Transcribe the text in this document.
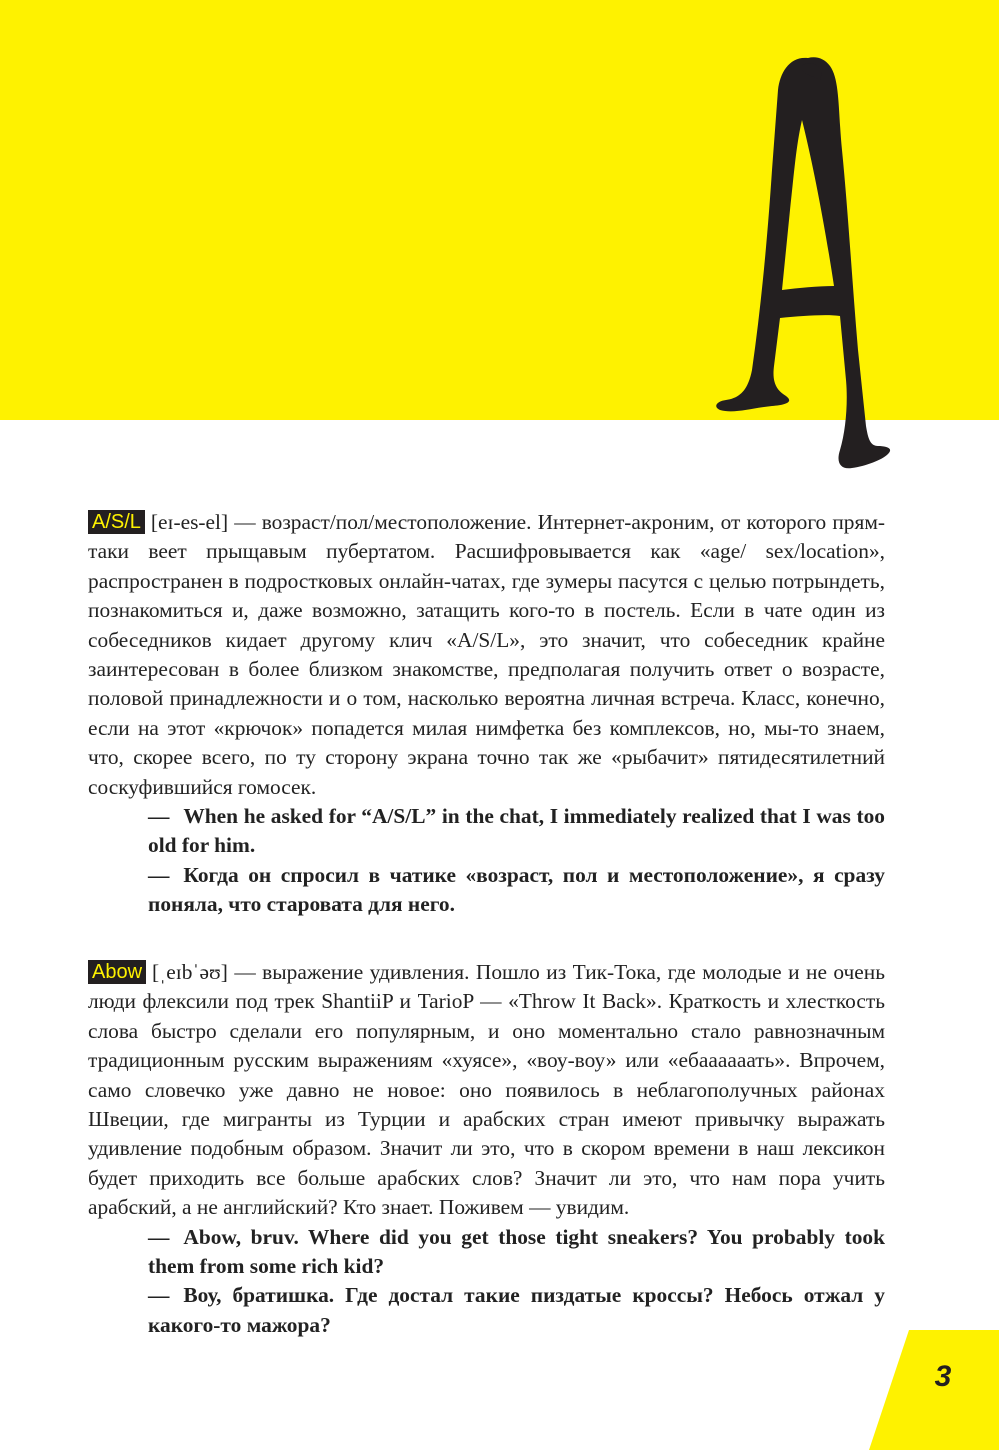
A/S/L [eɪ-es-el] — возраст/пол/местоположение. Интернет-акроним, от которого прям-таки веет прыщавым пубертатом. Расшифровывается как «age/ sex/location», распространен в подростковых онлайн-чатах, где зумеры пасутся с целью потрындеть, познакомиться и, даже возможно, затащить кого-то в постель. Если в чате один из собеседников кидает другому клич «A/S/L», это значит, что собеседник крайне заинтересован в более близком знакомстве, предполагая получить ответ о возрасте, половой принадлежности и о том, насколько вероятна личная встреча. Класс, конечно, если на этот «крючок» попадется милая нимфетка без комплексов, но, мы-то знаем, что, скорее всего, по ту сторону экрана точно так же «рыбачит» пятидесятилетний соскуфившийся гомосек.

— When he asked for “A/S/L” in the chat, I immediately realized that I was too old for him.

— Когда он спросил в чатике «возраст, пол и местоположение», я сразу поняла, что старовата для него.

Abow [ˌeɪbˈəʊ] — выражение удивления. Пошло из Тик-Тока, где молодые и не очень люди флексили под трек ShantiiP и TarioP — «Throw It Back». Краткость и хлесткость слова быстро сделали его популярным, и оно моментально стало равнозначным традиционным русским выражениям «хуясе», «воу-воу» или «ебаааааать». Впрочем, само словечко уже давно не новое: оно появилось в неблагополучных районах Швеции, где мигранты из Турции и арабских стран имеют привычку выражать удивление подобным образом. Значит ли это, что в скором времени в наш лексикон будет приходить все больше арабских слов? Значит ли это, что нам пора учить арабский, а не английский? Кто знает. Поживем — увидим.

— Abow, bruv. Where did you get those tight sneakers? You probably took them from some rich kid?

— Воу, братишка. Где достал такие пиздатые кроссы? Небось отжал у какого-то мажора?

3
